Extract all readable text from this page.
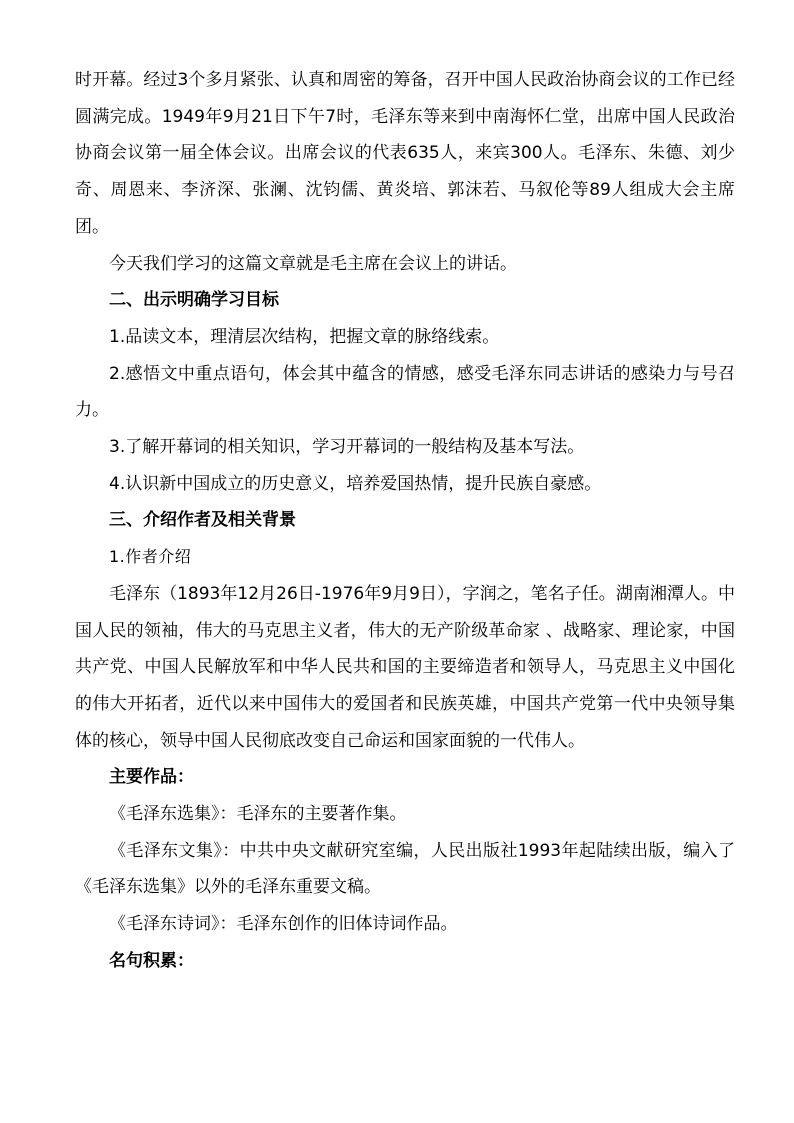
时开幕。经过3个多月紧张、认真和周密的筹备，召开中国人民政治协商会议的工作已经圆满完成。1949年9月21日下午7时，毛泽东等来到中南海怀仁堂，出席中国人民政治协商会议第一届全体会议。出席会议的代表635人，来宾300人。毛泽东、朱德、刘少奇、周恩来、李济深、张澜、沈钧儒、黄炎培、郭沫若、马叙伦等89人组成大会主席团。

今天我们学习的这篇文章就是毛主席在会议上的讲话。

二、出示明确学习目标

1.品读文本，理清层次结构，把握文章的脉络线索。

2.感悟文中重点语句，体会其中蕴含的情感，感受毛泽东同志讲话的感染力与号召力。

3.了解开幕词的相关知识，学习开幕词的一般结构及基本写法。

4.认识新中国成立的历史意义，培养爱国热情，提升民族自豪感。

三、介绍作者及相关背景

1.作者介绍

毛泽东（1893年12月26日-1976年9月9日），字润之，笔名子任。湖南湘潭人。中国人民的领袖，伟大的马克思主义者，伟大的无产阶级革命家 、战略家、理论家，中国共产党、中国人民解放军和中华人民共和国的主要缔造者和领导人，马克思主义中国化的伟大开拓者，近代以来中国伟大的爱国者和民族英雄，中国共产党第一代中央领导集体的核心，领导中国人民彻底改变自己命运和国家面貌的一代伟人。

主要作品：

《毛泽东选集》：毛泽东的主要著作集。

《毛泽东文集》：中共中央文献研究室编，人民出版社1993年起陆续出版，编入了《毛泽东选集》以外的毛泽东重要文稿。

《毛泽东诗词》：毛泽东创作的旧体诗词作品。

名句积累：
